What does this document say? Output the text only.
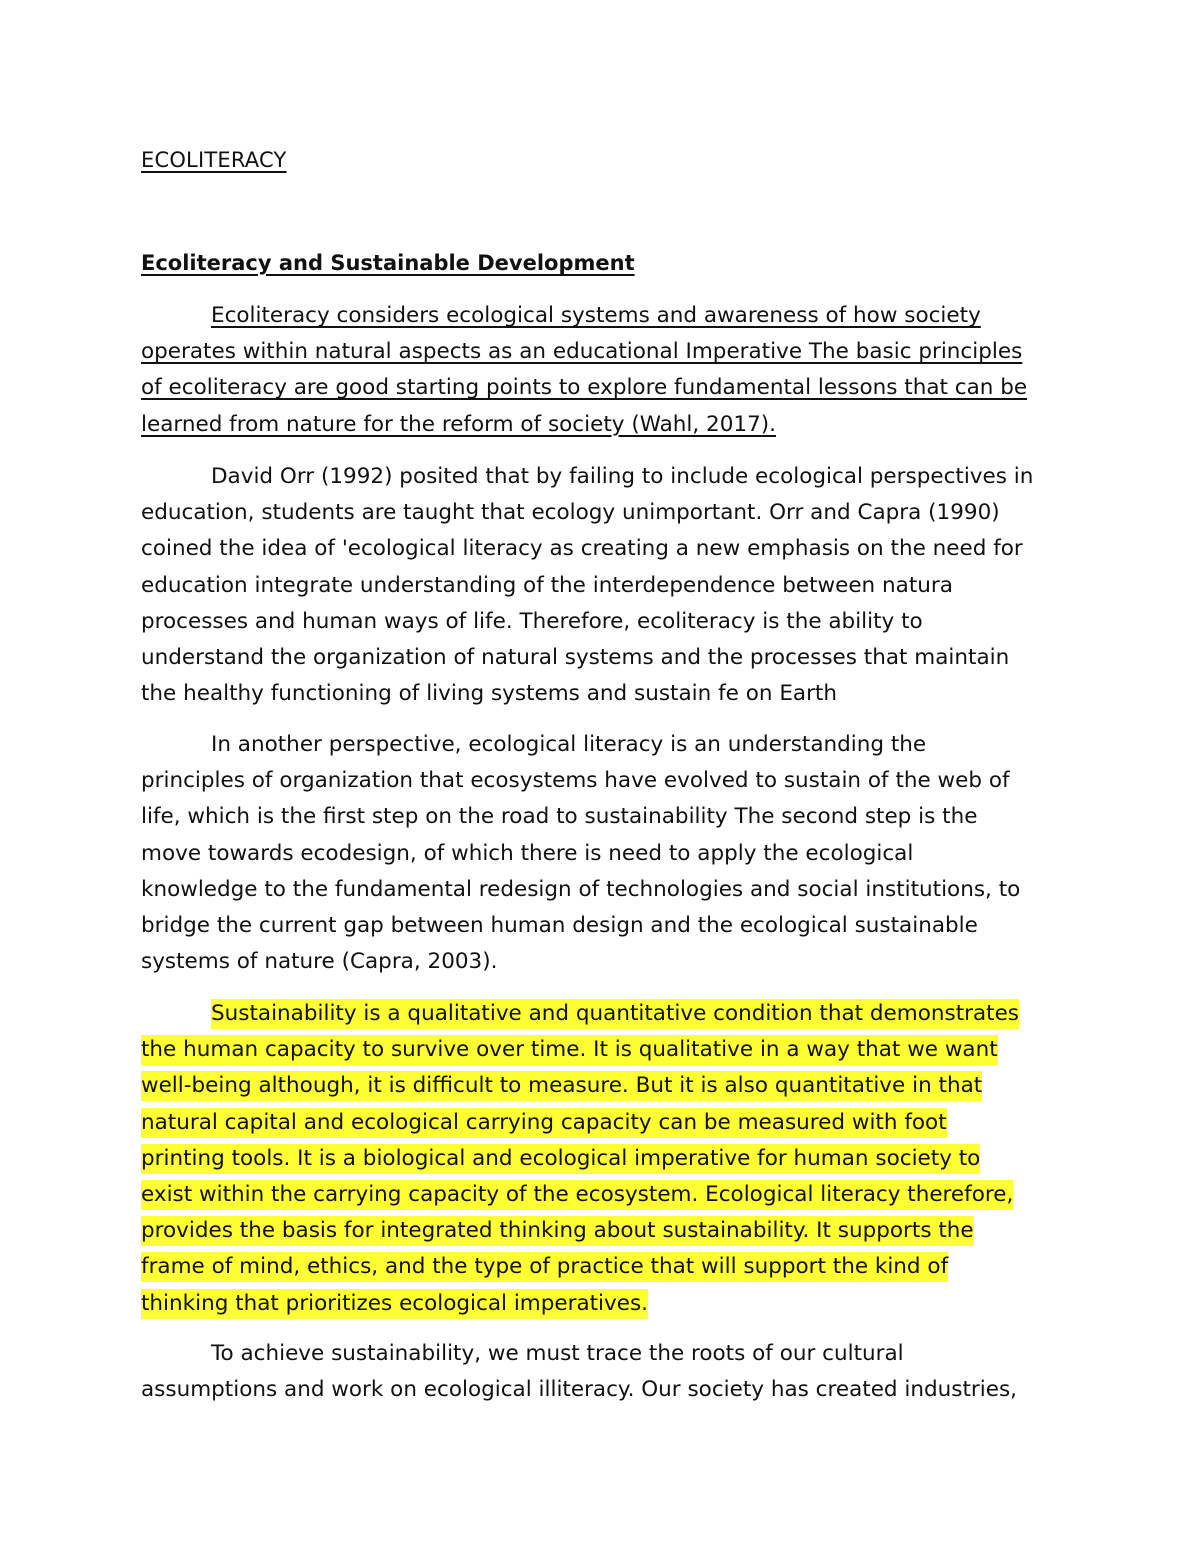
ECOLITERACY
Ecoliteracy and Sustainable Development
Ecoliteracy considers ecological systems and awareness of how society
operates within natural aspects as an educational Imperative The basic principles
of ecoliteracy are good starting points to explore fundamental lessons that can be
learned from nature for the reform of society (Wahl, 2017).
David Orr (1992) posited that by failing to include ecological perspectives in
education, students are taught that ecology unimportant. Orr and Capra (1990)
coined the idea of 'ecological literacy as creating a new emphasis on the need for
education integrate understanding of the interdependence between natura
processes and human ways of life. Therefore, ecoliteracy is the ability to
understand the organization of natural systems and the processes that maintain
the healthy functioning of living systems and sustain fe on Earth
In another perspective, ecological literacy is an understanding the
principles of organization that ecosystems have evolved to sustain of the web of
life, which is the first step on the road to sustainability The second step is the
move towards ecodesign, of which there is need to apply the ecological
knowledge to the fundamental redesign of technologies and social institutions, to
bridge the current gap between human design and the ecological sustainable
systems of nature (Capra, 2003).
Sustainability is a qualitative and quantitative condition that demonstrates
the human capacity to survive over time. It is qualitative in a way that we want
well-being although, it is difficult to measure. But it is also quantitative in that
natural capital and ecological carrying capacity can be measured with foot
printing tools. It is a biological and ecological imperative for human society to
exist within the carrying capacity of the ecosystem. Ecological literacy therefore,
provides the basis for integrated thinking about sustainability. It supports the
frame of mind, ethics, and the type of practice that will support the kind of
thinking that prioritizes ecological imperatives.
To achieve sustainability, we must trace the roots of our cultural
assumptions and work on ecological illiteracy. Our society has created industries,
